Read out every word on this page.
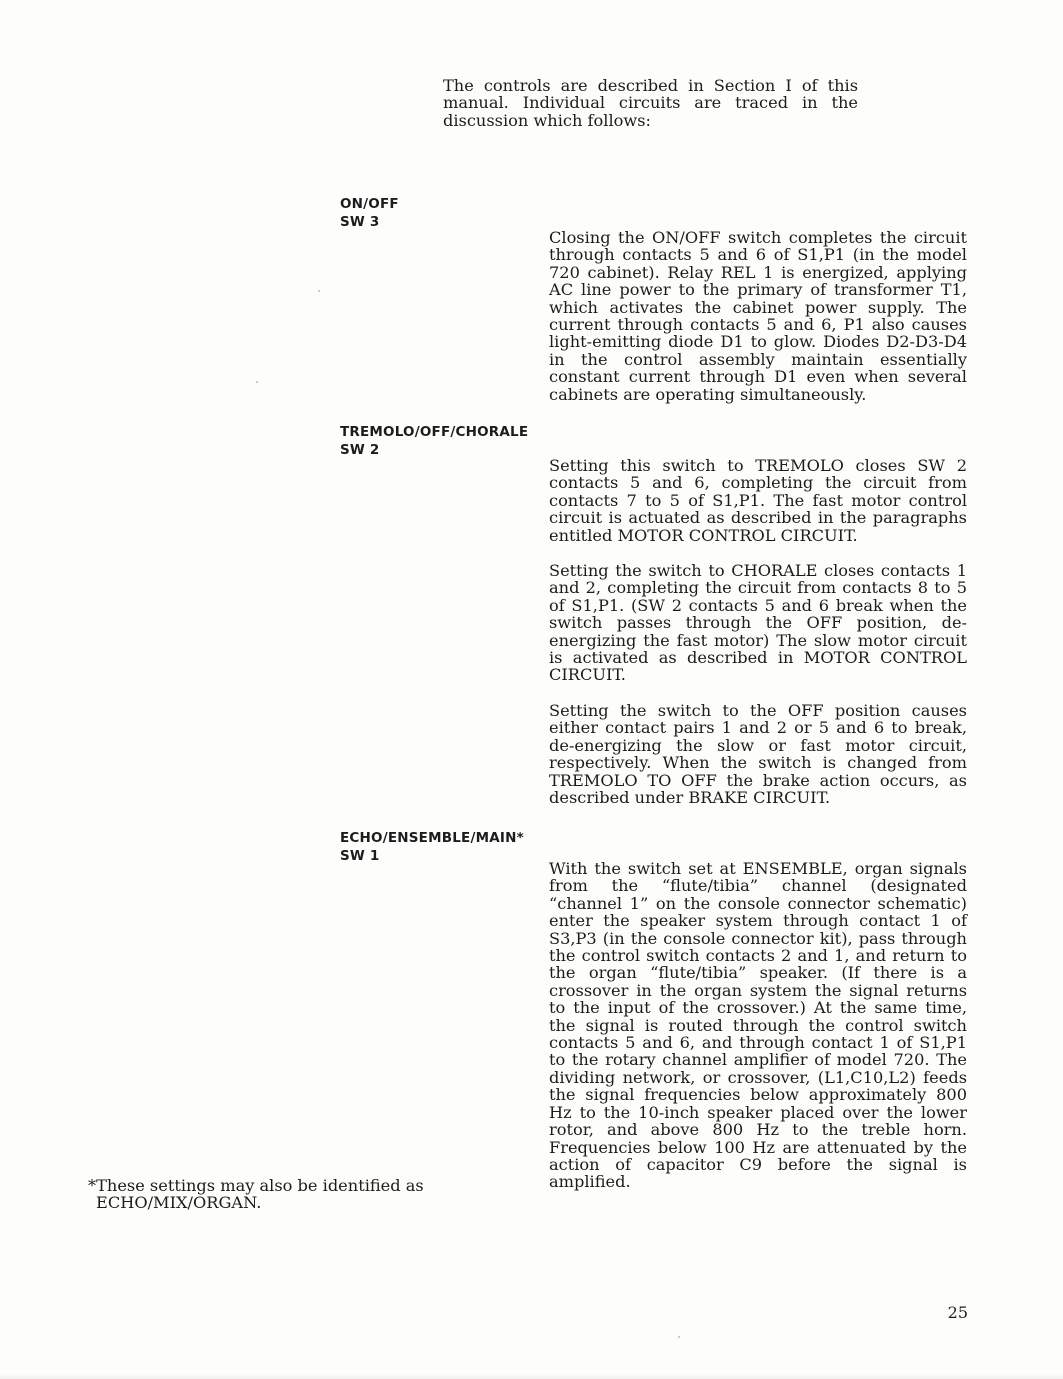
The controls are described in Section I of this manual. Individual circuits are traced in the discussion which follows:
ON/OFF
SW 3

Closing the ON/OFF switch completes the circuit through contacts 5 and 6 of S1,P1 (in the model 720 cabinet). Relay REL 1 is energized, applying AC line power to the primary of transformer T1, which activates the cabinet power supply. The current through contacts 5 and 6, P1 also causes light-emitting diode D1 to glow. Diodes D2-D3-D4 in the control assembly maintain essentially constant current through D1 even when several cabinets are operating simultaneously.

TREMOLO/OFF/CHORALE
SW 2

Setting this switch to TREMOLO closes SW 2 contacts 5 and 6, completing the circuit from contacts 7 to 5 of S1,P1. The fast motor control circuit is actuated as described in the paragraphs entitled MOTOR CONTROL CIRCUIT.

Setting the switch to CHORALE closes contacts 1 and 2, completing the circuit from contacts 8 to 5 of S1,P1. (SW 2 contacts 5 and 6 break when the switch passes through the OFF position, de-energizing the fast motor) The slow motor circuit is activated as described in MOTOR CONTROL CIRCUIT.

Setting the switch to the OFF position causes either contact pairs 1 and 2 or 5 and 6 to break, de-energizing the slow or fast motor circuit, respectively. When the switch is changed from TREMOLO TO OFF the brake action occurs, as described under BRAKE CIRCUIT.

ECHO/ENSEMBLE/MAIN*
SW 1

With the switch set at ENSEMBLE, organ signals from the “flute/tibia” channel (designated “channel 1” on the console connector schematic) enter the speaker system through contact 1 of S3,P3 (in the console connector kit), pass through the control switch contacts 2 and 1, and return to the organ “flute/tibia” speaker. (If there is a crossover in the organ system the signal returns to the input of the crossover.) At the same time, the signal is routed through the control switch contacts 5 and 6, and through contact 1 of S1,P1 to the rotary channel amplifier of model 720. The dividing network, or crossover, (L1,C10,L2) feeds the signal frequencies below approximately 800 Hz to the 10-inch speaker placed over the lower rotor, and above 800 Hz to the treble horn. Frequencies below 100 Hz are attenuated by the action of capacitor C9 before the signal is amplified.

*These settings may also be identified as
ECHO/MIX/ORGAN.
25
